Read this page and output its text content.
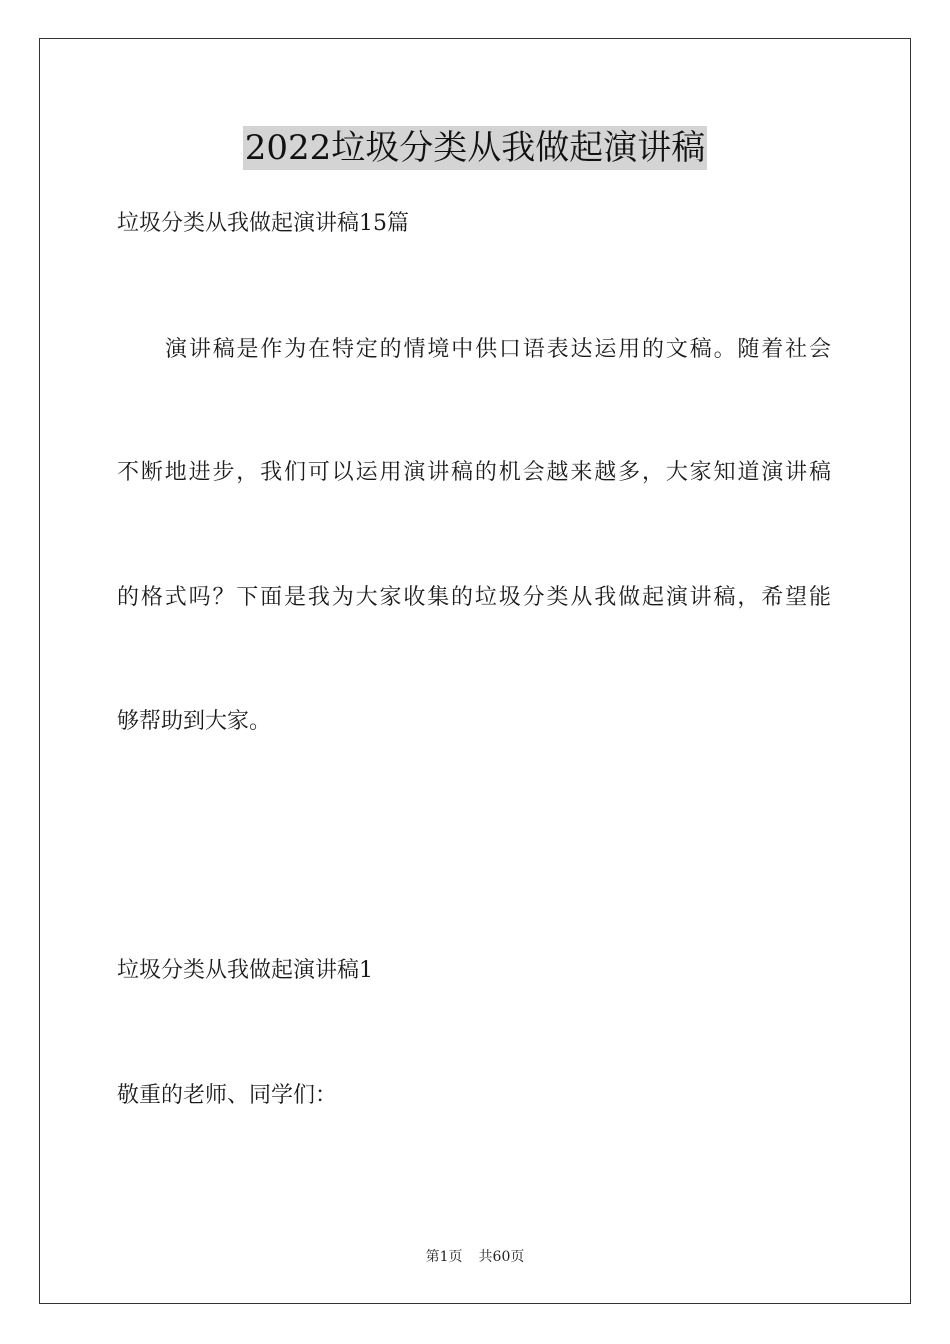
2022垃圾分类从我做起演讲稿
垃圾分类从我做起演讲稿15篇
演讲稿是作为在特定的情境中供口语表达运用的文稿。随着社会
不断地进步，我们可以运用演讲稿的机会越来越多，大家知道演讲稿
的格式吗？下面是我为大家收集的垃圾分类从我做起演讲稿，希望能
够帮助到大家。
垃圾分类从我做起演讲稿1
敬重的老师、同学们：
第1页 共60页
